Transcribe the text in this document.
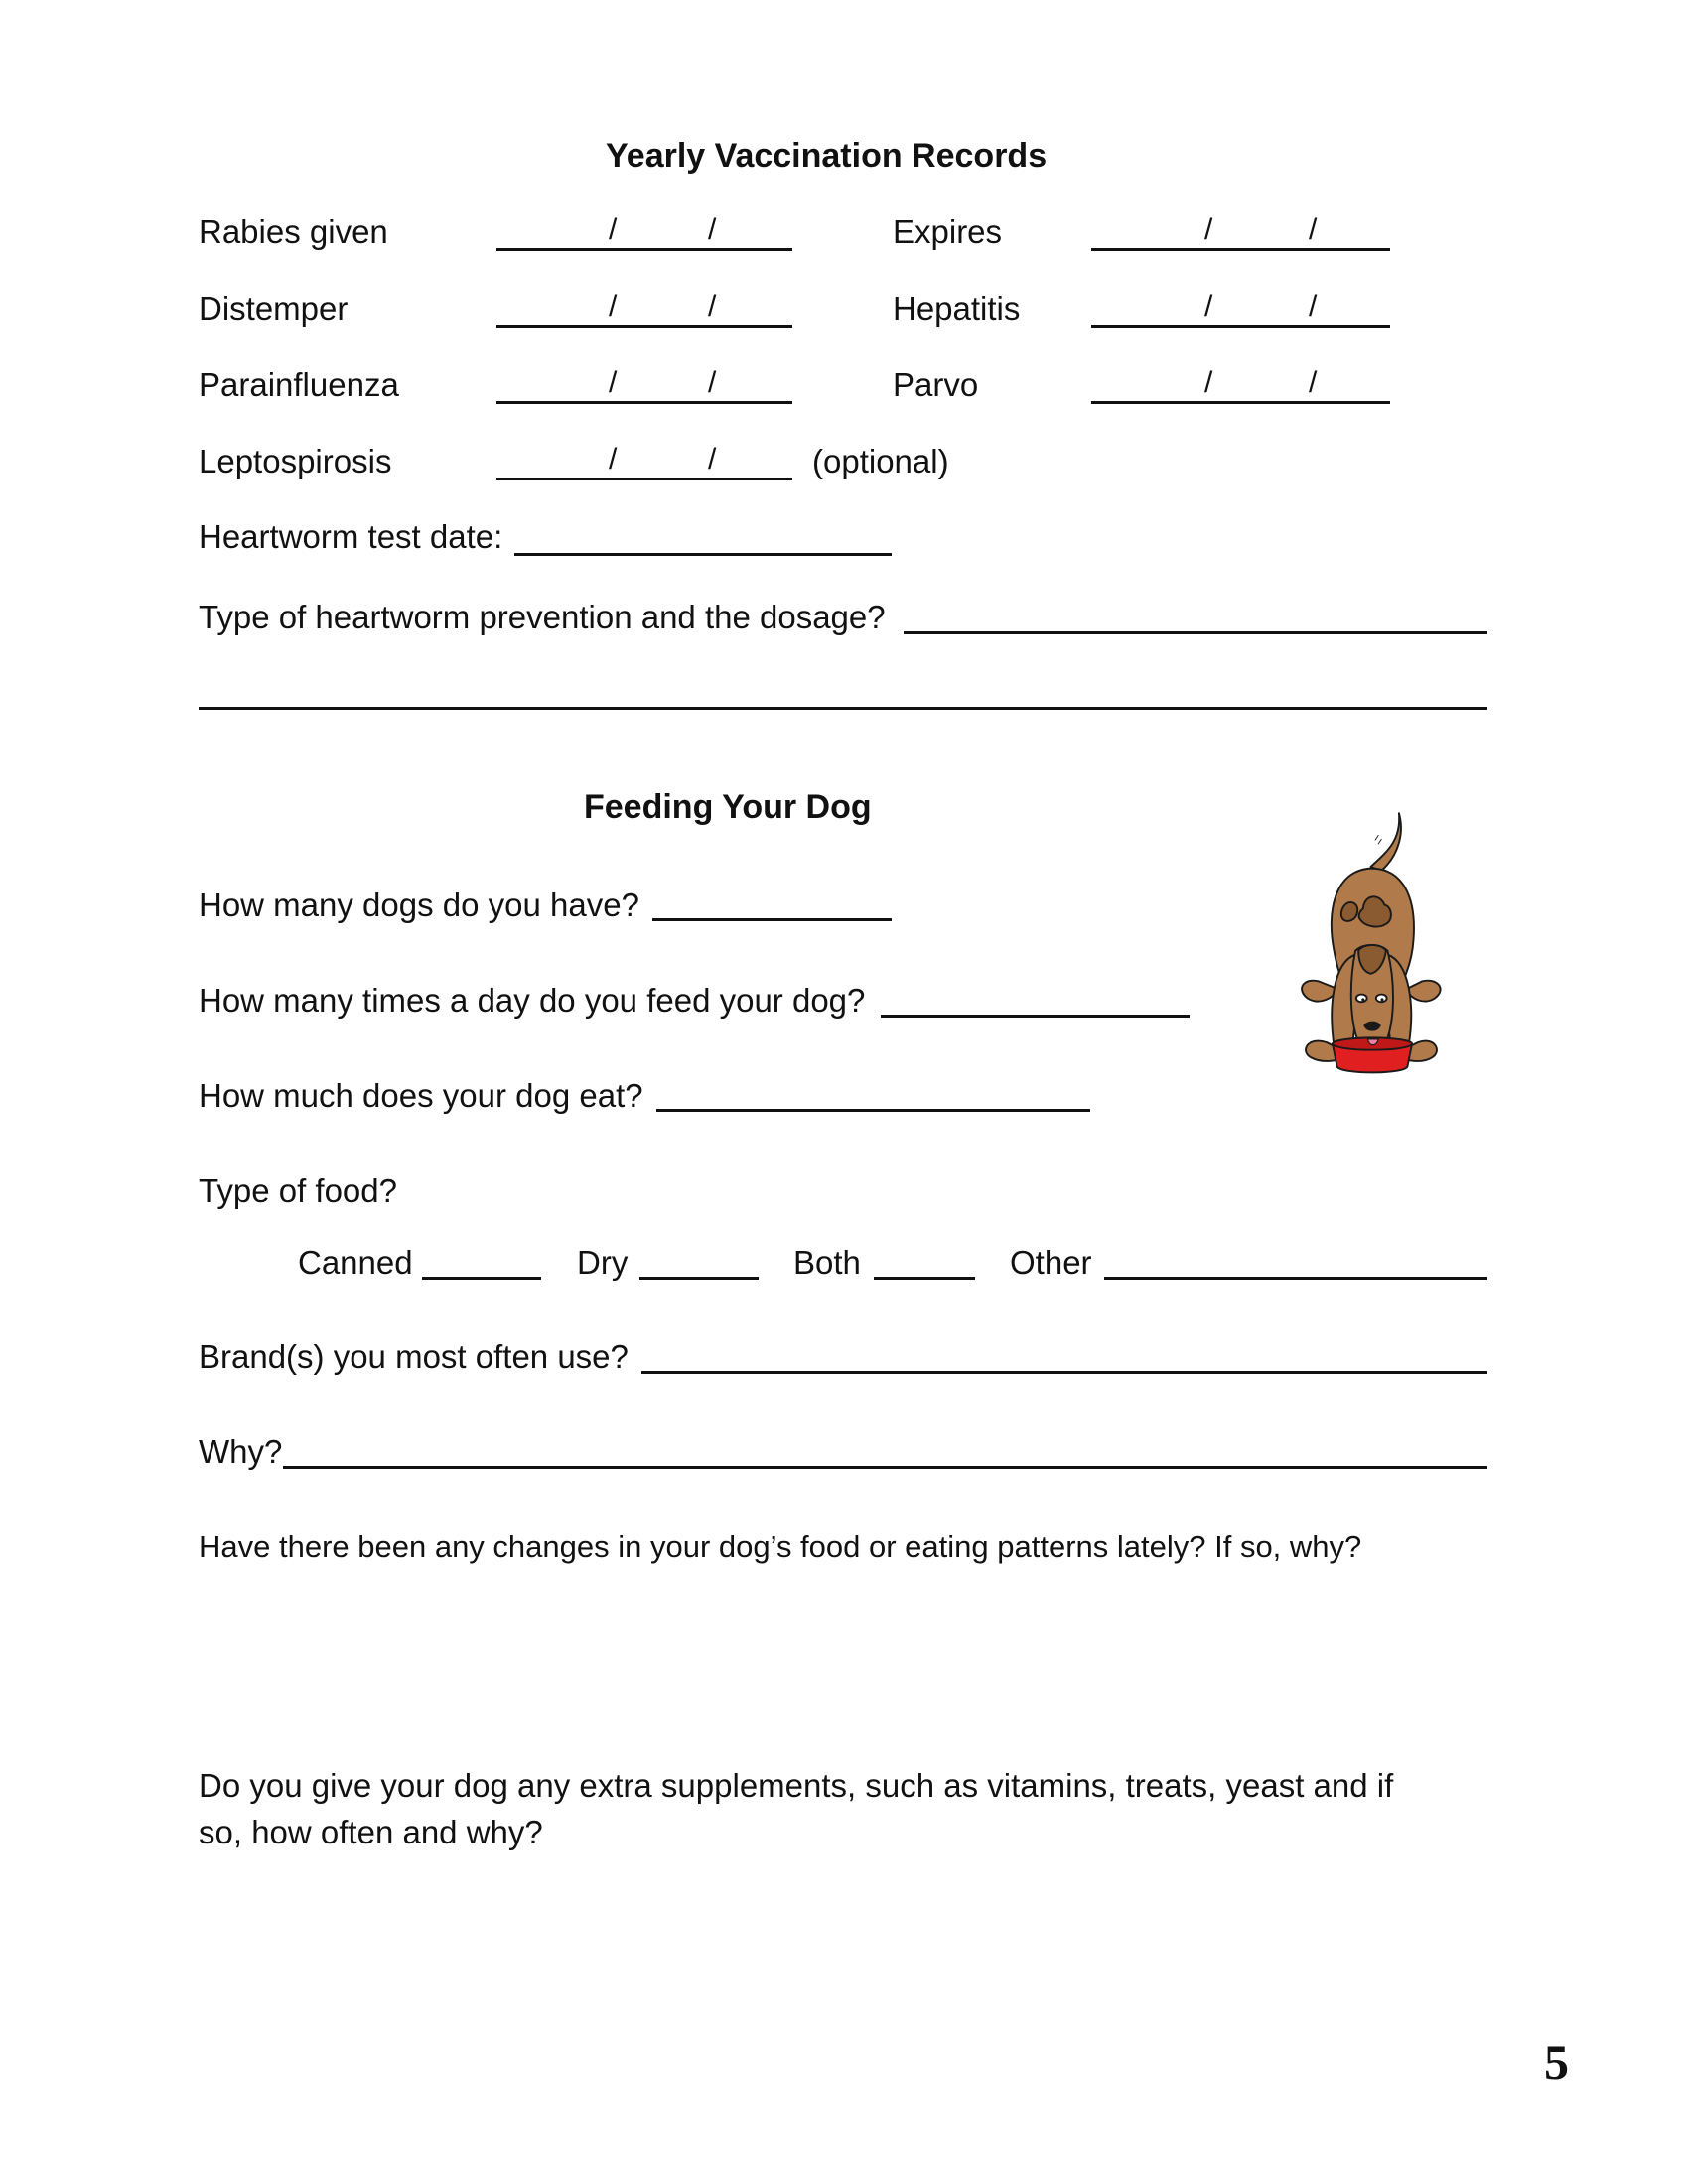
Yearly Vaccination Records
Rabies given	/	/	Expires	/	/
Distemper	/	/	Hepatitis	/	/
Parainfluenza	/	/	Parvo	/	/
Leptospirosis	/	/	(optional)
Heartworm test date:
Type of heartworm prevention and the dosage?
Feeding Your Dog
How many dogs do you have?
How many times a day do you feed your dog?
How much does your dog eat?
Type of food?
Canned	Dry	Both	Other
Brand(s) you most often use?
Why?
Have there been any changes in your dog’s food or eating patterns lately? If so, why?
Do you give your dog any extra supplements, such as vitamins, treats, yeast and if
so, how often and why?
5
